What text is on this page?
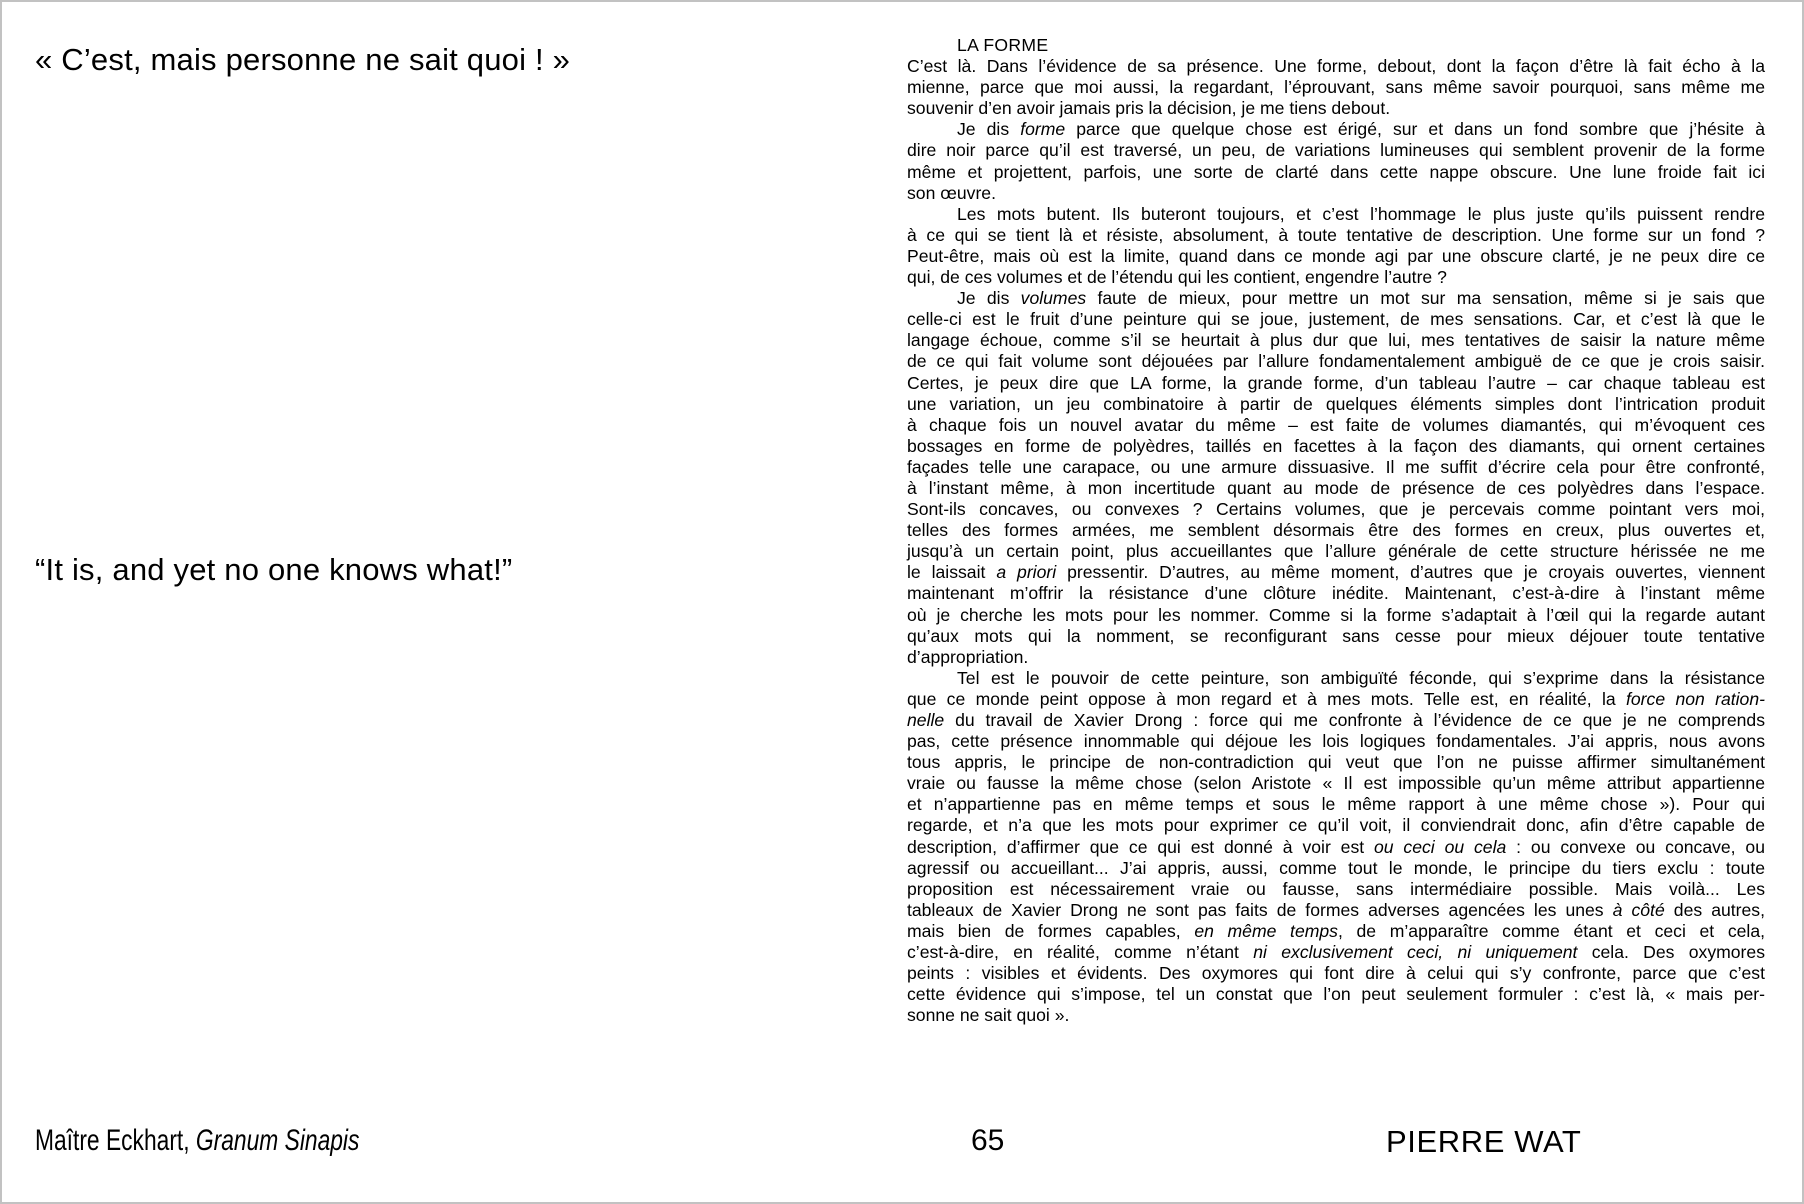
« C’est, mais personne ne sait quoi ! »
“It is, and yet no one knows what!”
LA FORME
C’est là. Dans l’évidence de sa présence. Une forme, debout, dont la façon d’être là fait écho à la
mienne, parce que moi aussi, la regardant, l’éprouvant, sans même savoir pourquoi, sans même me
souvenir d’en avoir jamais pris la décision, je me tiens debout.
Je dis forme parce que quelque chose est érigé, sur et dans un fond sombre que j’hésite à
dire noir parce qu’il est traversé, un peu, de variations lumineuses qui semblent provenir de la forme
même et projettent, parfois, une sorte de clarté dans cette nappe obscure. Une lune froide fait ici
son œuvre.
Les mots butent. Ils buteront toujours, et c’est l’hommage le plus juste qu’ils puissent rendre
à ce qui se tient là et résiste, absolument, à toute tentative de description. Une forme sur un fond ?
Peut-être, mais où est la limite, quand dans ce monde agi par une obscure clarté, je ne peux dire ce
qui, de ces volumes et de l’étendu qui les contient, engendre l’autre ?
Je dis volumes faute de mieux, pour mettre un mot sur ma sensation, même si je sais que
celle-ci est le fruit d’une peinture qui se joue, justement, de mes sensations. Car, et c’est là que le
langage échoue, comme s’il se heurtait à plus dur que lui, mes tentatives de saisir la nature même
de ce qui fait volume sont déjouées par l’allure fondamentalement ambiguë de ce que je crois saisir.
Certes, je peux dire que LA forme, la grande forme, d’un tableau l’autre – car chaque tableau est
une variation, un jeu combinatoire à partir de quelques éléments simples dont l’intrication produit
à chaque fois un nouvel avatar du même – est faite de volumes diamantés, qui m’évoquent ces
bossages en forme de polyèdres, taillés en facettes à la façon des diamants, qui ornent certaines
façades telle une carapace, ou une armure dissuasive. Il me suffit d’écrire cela pour être confronté,
à l’instant même, à mon incertitude quant au mode de présence de ces polyèdres dans l’espace.
Sont-ils concaves, ou convexes ? Certains volumes, que je percevais comme pointant vers moi,
telles des formes armées, me semblent désormais être des formes en creux, plus ouvertes et,
jusqu’à un certain point, plus accueillantes que l’allure générale de cette structure hérissée ne me
le laissait a priori pressentir. D’autres, au même moment, d’autres que je croyais ouvertes, viennent
maintenant m’offrir la résistance d’une clôture inédite. Maintenant, c’est-à-dire à l’instant même
où je cherche les mots pour les nommer. Comme si la forme s’adaptait à l’œil qui la regarde autant
qu’aux mots qui la nomment, se reconfigurant sans cesse pour mieux déjouer toute tentative
d’appropriation.
Tel est le pouvoir de cette peinture, son ambiguïté féconde, qui s’exprime dans la résistance
que ce monde peint oppose à mon regard et à mes mots. Telle est, en réalité, la force non ration-
nelle du travail de Xavier Drong : force qui me confronte à l’évidence de ce que je ne comprends
pas, cette présence innommable qui déjoue les lois logiques fondamentales. J’ai appris, nous avons
tous appris, le principe de non-contradiction qui veut que l’on ne puisse affirmer simultanément
vraie ou fausse la même chose (selon Aristote « Il est impossible qu’un même attribut appartienne
et n’appartienne pas en même temps et sous le même rapport à une même chose »). Pour qui
regarde, et n’a que les mots pour exprimer ce qu’il voit, il conviendrait donc, afin d’être capable de
description, d’affirmer que ce qui est donné à voir est ou ceci ou cela : ou convexe ou concave, ou
agressif ou accueillant... J’ai appris, aussi, comme tout le monde, le principe du tiers exclu : toute
proposition est nécessairement vraie ou fausse, sans intermédiaire possible. Mais voilà... Les
tableaux de Xavier Drong ne sont pas faits de formes adverses agencées les unes à côté des autres,
mais bien de formes capables, en même temps, de m’apparaître comme étant et ceci et cela,
c’est-à-dire, en réalité, comme n’étant ni exclusivement ceci, ni uniquement cela. Des oxymores
peints : visibles et évidents. Des oxymores qui font dire à celui qui s’y confronte, parce que c’est
cette évidence qui s’impose, tel un constat que l’on peut seulement formuler : c’est là, « mais per-
sonne ne sait quoi ».
Maître Eckhart, Granum Sinapis	65	PIERRE WAT
